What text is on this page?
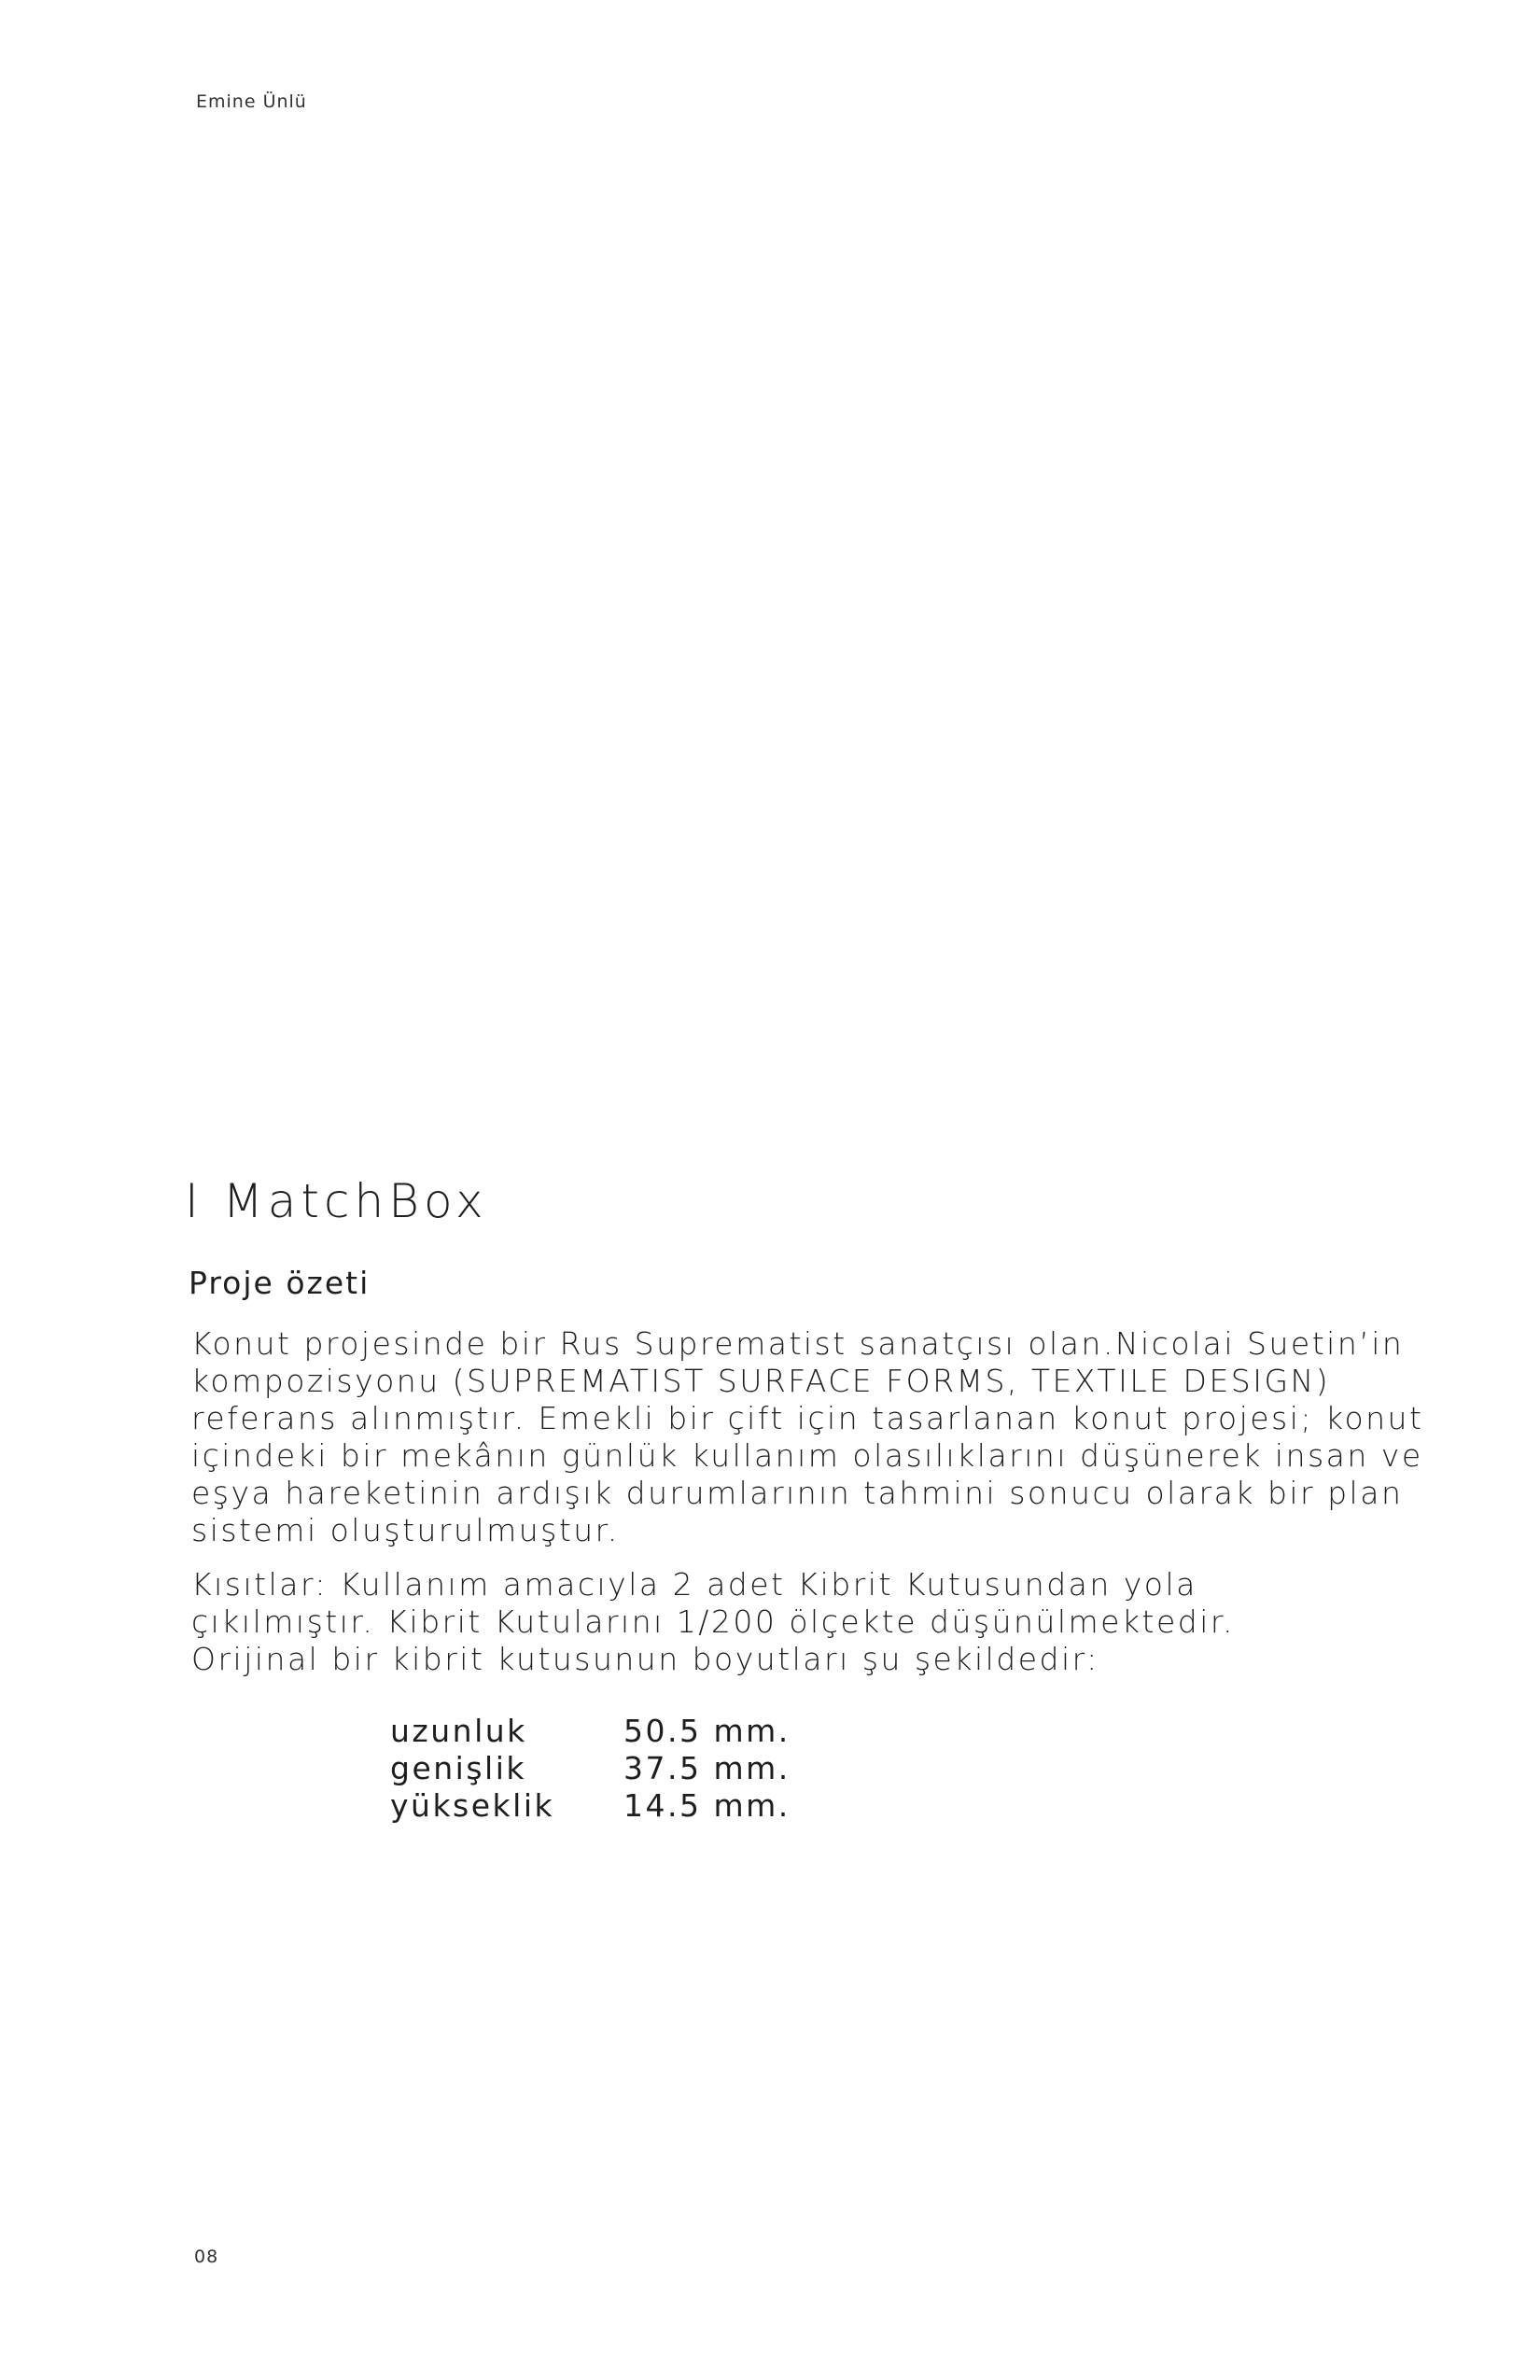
Emine Ünlü
I MatchBox
Proje özeti
Konut projesinde bir Rus Suprematist sanatçısı olan.Nicolai Suetin’in
kompozisyonu (SUPREMATIST SURFACE FORMS, TEXTILE DESIGN)
referans alınmıştır. Emekli bir çift için tasarlanan konut projesi; konut
içindeki bir mekânın günlük kullanım olasılıklarını düşünerek insan ve
eşya hareketinin ardışık durumlarının tahmini sonucu olarak bir plan
sistemi oluşturulmuştur.
Kısıtlar: Kullanım amacıyla 2 adet Kibrit Kutusundan yola
çıkılmıştır. Kibrit Kutularını 1/200 ölçekte düşünülmektedir.
Orijinal bir kibrit kutusunun boyutları şu şekildedir:
uzunluk	50.5 mm.
genişlik	37.5 mm.
yükseklik	14.5 mm.
08
